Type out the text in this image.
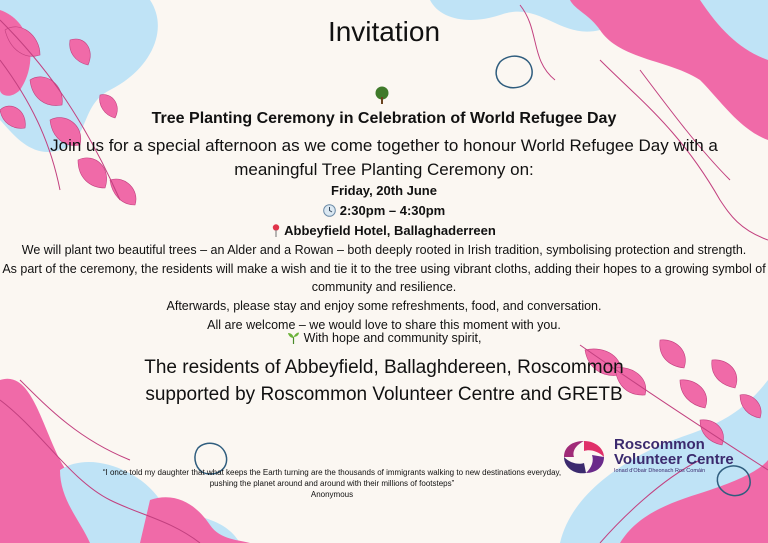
Invitation
Tree Planting Ceremony in Celebration of World Refugee Day
Join us for a special afternoon as we come together to honour World Refugee Day with a meaningful Tree Planting Ceremony on:
Friday, 20th June
2:30pm – 4:30pm
Abbeyfield Hotel, Ballaghaderreen

We will plant two beautiful trees – an Alder and a Rowan – both deeply rooted in Irish tradition, symbolising protection and strength.

As part of the ceremony, the residents will make a wish and tie it to the tree using vibrant cloths, adding their hopes to a growing symbol of community and resilience.

Afterwards, please stay and enjoy some refreshments, food, and conversation.

All are welcome – we would love to share this moment with you.

With hope and community spirit,
The residents of Abbeyfield, Ballaghdereen, Roscommon
supported by Roscommon Volunteer Centre and GRETB
“I once told my daughter that what keeps the Earth turning are the thousands of immigrants walking to new destinations everyday, pushing the planet around and around with their millions of footsteps”
Anonymous
Roscommon
Volunteer Centre
Ionad d'Obair Dheonach Ros Comáin
